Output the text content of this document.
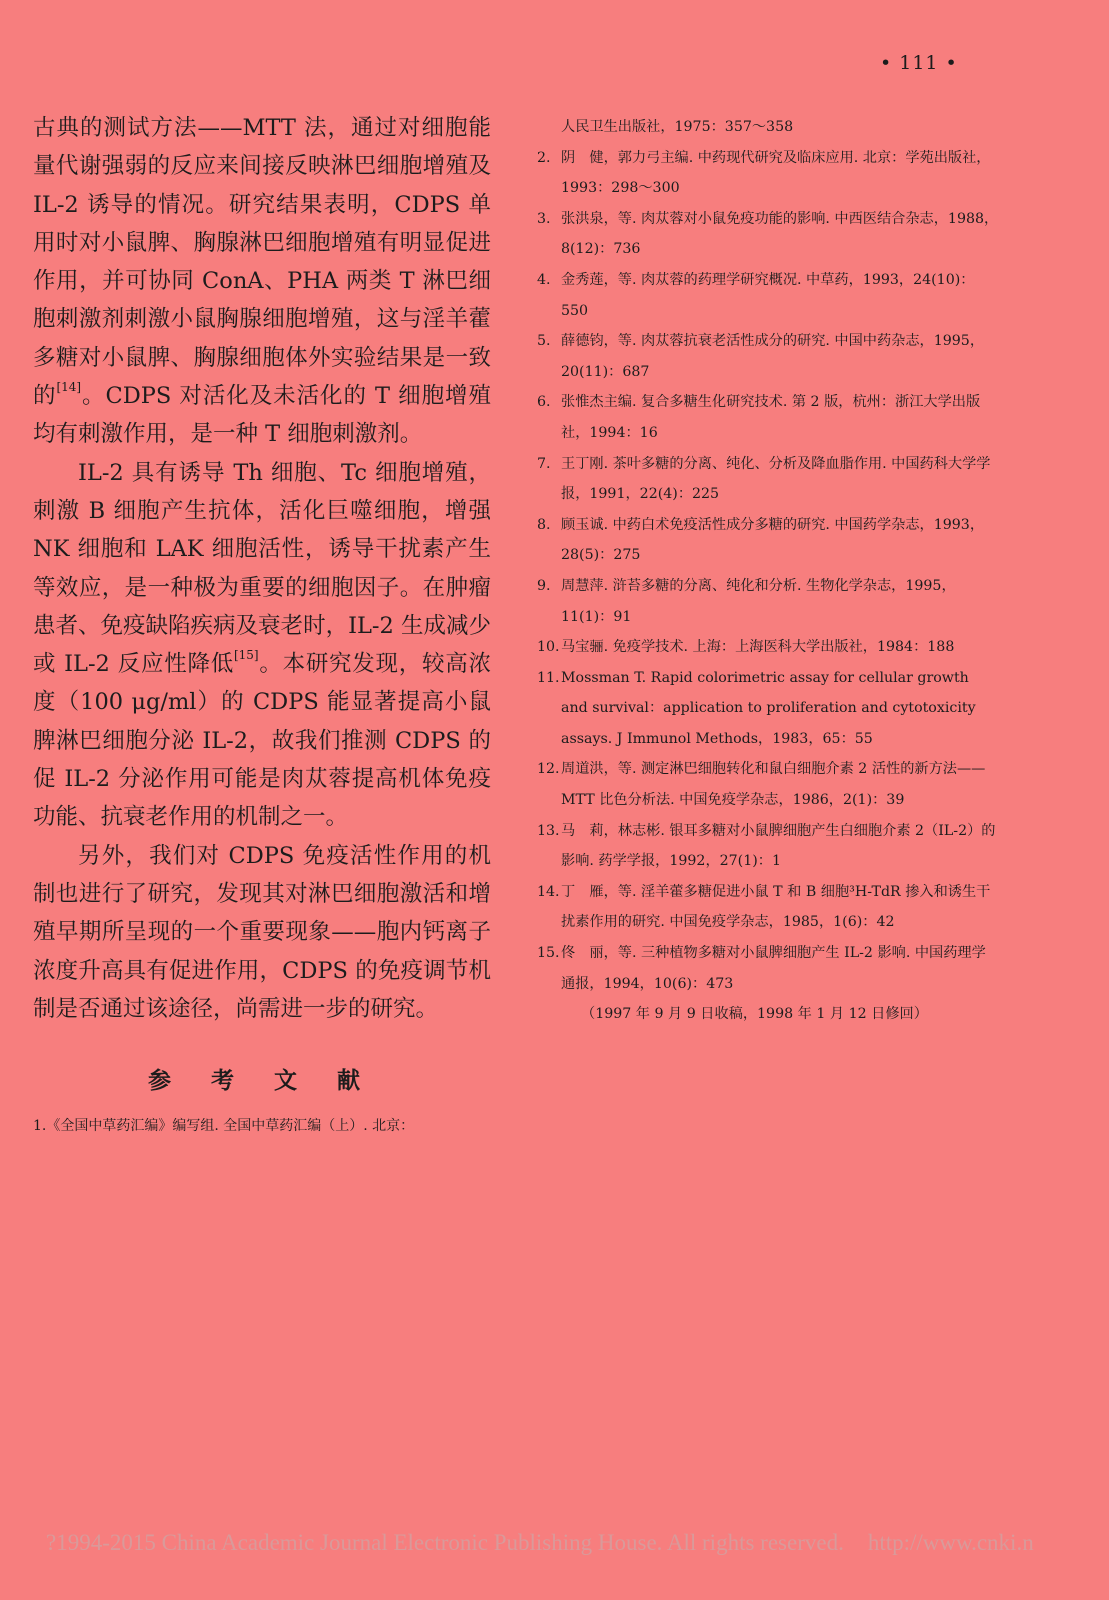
• 111 •

古典的测试方法——MTT 法，通过对细胞能量代谢强弱的反应来间接反映淋巴细胞增殖及 IL-2 诱导的情况。研究结果表明，CDPS 单用时对小鼠脾、胸腺淋巴细胞增殖有明显促进作用，并可协同 ConA、PHA 两类 T 淋巴细胞刺激剂刺激小鼠胸腺细胞增殖，这与淫羊藿多糖对小鼠脾、胸腺细胞体外实验结果是一致的[14]。CDPS 对活化及未活化的 T 细胞增殖均有刺激作用，是一种 T 细胞刺激剂。

IL-2 具有诱导 Th 细胞、Tc 细胞增殖，刺激 B 细胞产生抗体，活化巨噬细胞，增强 NK 细胞和 LAK 细胞活性，诱导干扰素产生等效应，是一种极为重要的细胞因子。在肿瘤患者、免疫缺陷疾病及衰老时，IL-2 生成减少或 IL-2 反应性降低[15]。本研究发现，较高浓度（100 μg/ml）的 CDPS 能显著提高小鼠脾淋巴细胞分泌 IL-2，故我们推测 CDPS 的促 IL-2 分泌作用可能是肉苁蓉提高机体免疫功能、抗衰老作用的机制之一。

另外，我们对 CDPS 免疫活性作用的机制也进行了研究，发现其对淋巴细胞激活和增殖早期所呈现的一个重要现象——胞内钙离子浓度升高具有促进作用，CDPS 的免疫调节机制是否通过该途径，尚需进一步的研究。

参 考 文 献
1.《全国中草药汇编》编写组. 全国中草药汇编（上）. 北京：
人民卫生出版社，1975：357～358
2. 阴　健，郭力弓主编. 中药现代研究及临床应用. 北京：学苑出版社，1993：298～300
3. 张洪泉，等. 肉苁蓉对小鼠免疫功能的影响. 中西医结合杂志，1988，8(12)：736
4. 金秀莲，等. 肉苁蓉的药理学研究概况. 中草药，1993，24(10)：550
5. 薛德钧，等. 肉苁蓉抗衰老活性成分的研究. 中国中药杂志，1995，20(11)：687
6. 张惟杰主编. 复合多糖生化研究技术. 第 2 版，杭州：浙江大学出版社，1994：16
7. 王丁刚. 茶叶多糖的分离、纯化、分析及降血脂作用. 中国药科大学学报，1991，22(4)：225
8. 顾玉诚. 中药白术免疫活性成分多糖的研究. 中国药学杂志，1993，28(5)：275
9. 周慧萍. 浒苔多糖的分离、纯化和分析. 生物化学杂志，1995，11(1)：91
10. 马宝骊. 免疫学技术. 上海：上海医科大学出版社，1984：188
11. Mossman T. Rapid colorimetric assay for cellular growth and survival：application to proliferation and cytotoxicity assays. J Immunol Methods，1983，65：55
12. 周道洪，等. 测定淋巴细胞转化和鼠白细胞介素 2 活性的新方法——MTT 比色分析法. 中国免疫学杂志，1986，2(1)：39
13. 马　莉，林志彬. 银耳多糖对小鼠脾细胞产生白细胞介素 2（IL-2）的影响. 药学学报，1992，27(1)：1
14. 丁　雁，等. 淫羊藿多糖促进小鼠 T 和 B 细胞³H-TdR 掺入和诱生干扰素作用的研究. 中国免疫学杂志，1985，1(6)：42
15. 佟　丽，等. 三种植物多糖对小鼠脾细胞产生 IL-2 影响. 中国药理学通报，1994，10(6)：473
（1997 年 9 月 9 日收稿，1998 年 1 月 12 日修回）
?1994-2015 China Academic Journal Electronic Publishing House. All rights reserved. http://www.cnki.n
